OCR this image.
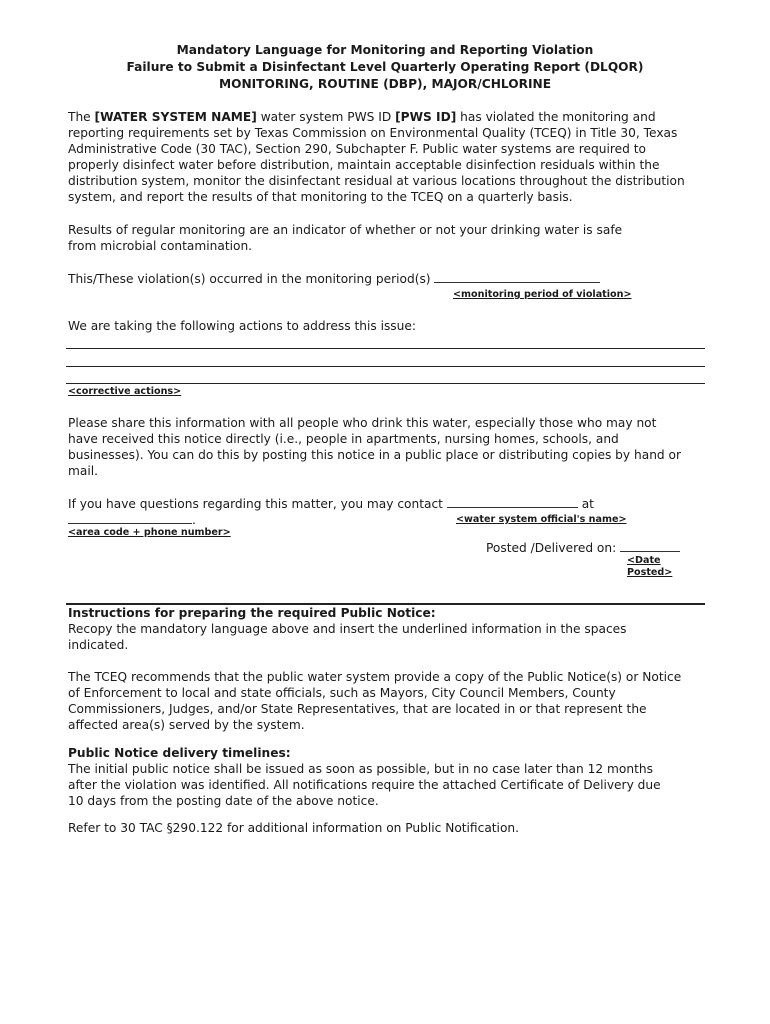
Mandatory Language for Monitoring and Reporting Violation
Failure to Submit a Disinfectant Level Quarterly Operating Report (DLQOR)
MONITORING, ROUTINE (DBP), MAJOR/CHLORINE
The [WATER SYSTEM NAME] water system PWS ID [PWS ID] has violated the monitoring and
reporting requirements set by Texas Commission on Environmental Quality (TCEQ) in Title 30, Texas
Administrative Code (30 TAC), Section 290, Subchapter F. Public water systems are required to
properly disinfect water before distribution, maintain acceptable disinfection residuals within the
distribution system, monitor the disinfectant residual at various locations throughout the distribution
system, and report the results of that monitoring to the TCEQ on a quarterly basis.
Results of regular monitoring are an indicator of whether or not your drinking water is safe
from microbial contamination.
This/These violation(s) occurred in the monitoring period(s)
<monitoring period of violation>
We are taking the following actions to address this issue:
<corrective actions>
Please share this information with all people who drink this water, especially those who may not
have received this notice directly (i.e., people in apartments, nursing homes, schools, and
businesses). You can do this by posting this notice in a public place or distributing copies by hand or
mail.
If you have questions regarding this matter, you may contact	at
.	<water system official's name>
<area code + phone number>
Posted /Delivered on:
<Date
Posted>
Instructions for preparing the required Public Notice:
Recopy the mandatory language above and insert the underlined information in the spaces
indicated.
The TCEQ recommends that the public water system provide a copy of the Public Notice(s) or Notice
of Enforcement to local and state officials, such as Mayors, City Council Members, County
Commissioners, Judges, and/or State Representatives, that are located in or that represent the
affected area(s) served by the system.
Public Notice delivery timelines:
The initial public notice shall be issued as soon as possible, but in no case later than 12 months
after the violation was identified. All notifications require the attached Certificate of Delivery due
10 days from the posting date of the above notice.
Refer to 30 TAC §290.122 for additional information on Public Notification.
